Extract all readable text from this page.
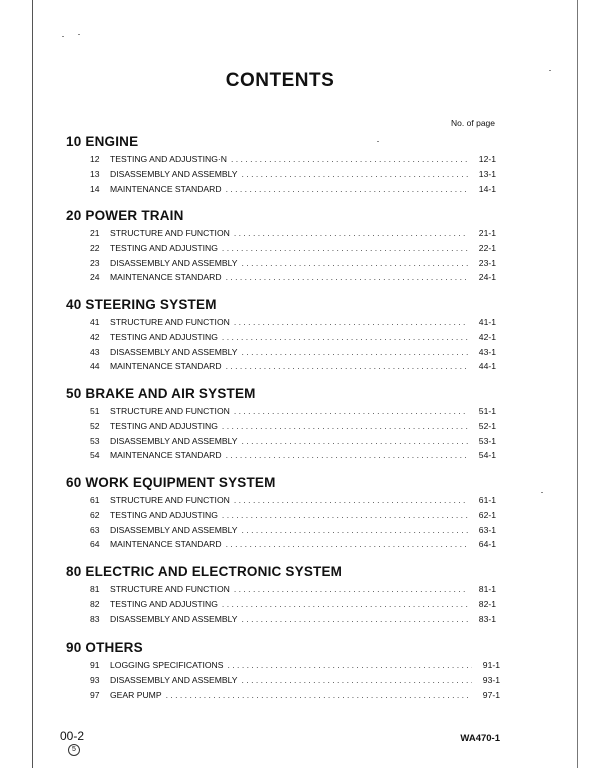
CONTENTS
No. of page
10 ENGINE
12	TESTING AND ADJUSTING·N . . .	12-1
13	DISASSEMBLY AND ASSEMBLY . . .	13-1
14	MAINTENANCE STANDARD . . .	14-1
20 POWER TRAIN
21	STRUCTURE AND FUNCTION . . .	21-1
22	TESTING AND ADJUSTING . . .	22-1
23	DISASSEMBLY AND ASSEMBLY . . .	23-1
24	MAINTENANCE STANDARD . . .	24-1
40 STEERING SYSTEM
41	STRUCTURE AND FUNCTION . . .	41-1
42	TESTING AND ADJUSTING . . .	42-1
43	DISASSEMBLY AND ASSEMBLY . . .	43-1
44	MAINTENANCE STANDARD . . .	44-1
50 BRAKE AND AIR SYSTEM
51	STRUCTURE AND FUNCTION . . .	51-1
52	TESTING AND ADJUSTING . . .	52-1
53	DISASSEMBLY AND ASSEMBLY . . .	53-1
54	MAINTENANCE STANDARD . . .	54-1
60 WORK EQUIPMENT SYSTEM
61	STRUCTURE AND FUNCTION . . .	61-1
62	TESTING AND ADJUSTING . . .	62-1
63	DISASSEMBLY AND ASSEMBLY . . .	63-1
64	MAINTENANCE STANDARD . . .	64-1
80 ELECTRIC AND ELECTRONIC SYSTEM
81	STRUCTURE AND FUNCTION . . .	81-1
82	TESTING AND ADJUSTING . . .	82-1
83	DISASSEMBLY AND ASSEMBLY . . .	83-1
90 OTHERS
91	LOGGING SPECIFICATIONS . . .	91-1
93	DISASSEMBLY AND ASSEMBLY . . .	93-1
97	GEAR PUMP . . .	97-1
00-2
5
WA470-1
